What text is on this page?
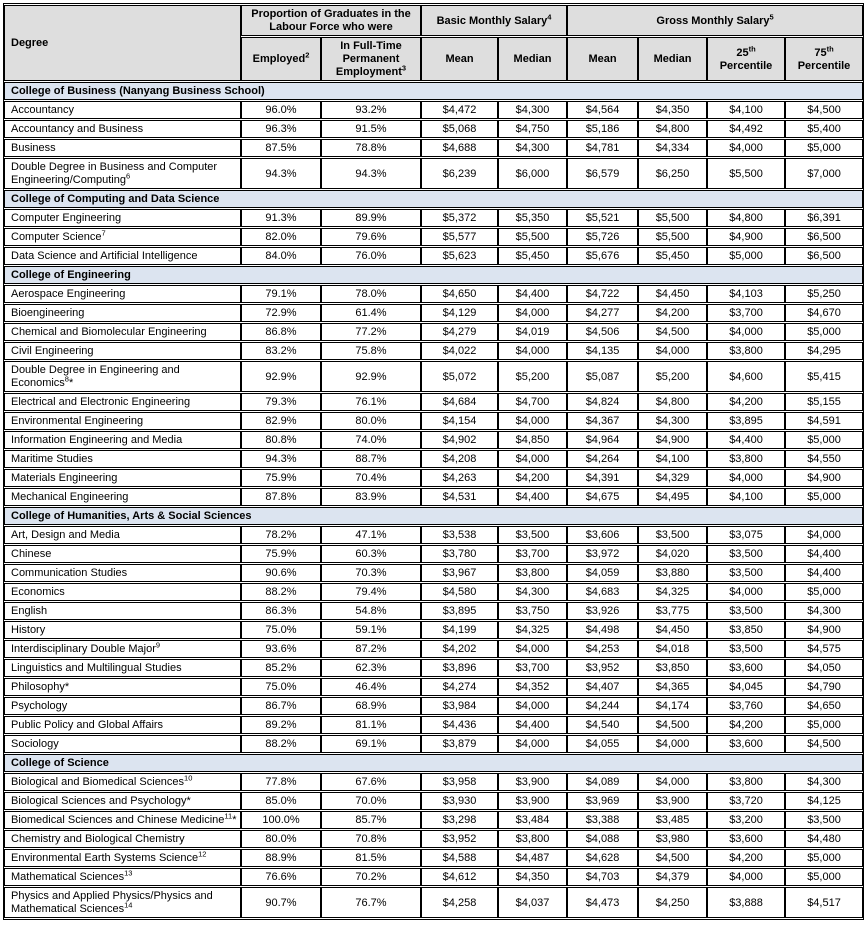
Degree	Proportion of Graduates in the Labour Force who were		Basic Monthly Salary$^4$		Gross Monthly Salary$^5$
	Employed$^2$	In Full-Time Permanent Employment$^3$	Mean	Median	Mean	Median	25th Percentile	75th Percentile
College of Business (Nanyang Business School)								
Accountancy	96.0%	93.2%	$4,472	$4,300	$4,564	$4,350	$4,100	$4,500
Accountancy and Business	96.3%	91.5%	$5,068	$4,750	$5,186	$4,800	$4,492	$5,400
Business	87.5%	78.8%	$4,688	$4,300	$4,781	$4,334	$4,000	$5,000
Double Degree in Business and Computer Engineering/Computing$^6$	94.3%	94.3%	$6,239	$6,000	$6,579	$6,250	$5,500	$7,000
College of Computing and Data Science								
Computer Engineering	91.3%	89.9%	$5,372	$5,350	$5,521	$5,500	$4,800	$6,391
Computer Science$^7$	82.0%	79.6%	$5,577	$5,500	$5,726	$5,500	$4,900	$6,500
Data Science and Artificial Intelligence	84.0%	76.0%	$5,623	$5,450	$5,676	$5,450	$5,000	$6,500
College of Engineering								
Aerospace Engineering	79.1%	78.0%	$4,650	$4,400	$4,722	$4,450	$4,103	$5,250
Bioengineering	72.9%	61.4%	$4,129	$4,000	$4,277	$4,200	$3,700	$4,670
Chemical and Biomolecular Engineering	86.8%	77.2%	$4,279	$4,019	$4,506	$4,500	$4,000	$5,000
Civil Engineering	83.2%	75.8%	$4,022	$4,000	$4,135	$4,000	$3,800	$4,295
Double Degree in Engineering and Economics$^8$*	92.9%	92.9%	$5,072	$5,200	$5,087	$5,200	$4,600	$5,415
Electrical and Electronic Engineering	79.3%	76.1%	$4,684	$4,700	$4,824	$4,800	$4,200	$5,155
Environmental Engineering	82.9%	80.0%	$4,154	$4,000	$4,367	$4,300	$3,895	$4,591
Information Engineering and Media	80.8%	74.0%	$4,902	$4,850	$4,964	$4,900	$4,400	$5,000
Maritime Studies	94.3%	88.7%	$4,208	$4,000	$4,264	$4,100	$3,800	$4,550
Materials Engineering	75.9%	70.4%	$4,263	$4,200	$4,391	$4,329	$4,000	$4,900
Mechanical Engineering	87.8%	83.9%	$4,531	$4,400	$4,675	$4,495	$4,100	$5,000
College of Humanities, Arts & Social Sciences								
Art, Design and Media	78.2%	47.1%	$3,538	$3,500	$3,606	$3,500	$3,075	$4,000
Chinese	75.9%	60.3%	$3,780	$3,700	$3,972	$4,020	$3,500	$4,400
Communication Studies	90.6%	70.3%	$3,967	$3,800	$4,059	$3,880	$3,500	$4,400
Economics	88.2%	79.4%	$4,580	$4,300	$4,683	$4,325	$4,000	$5,000
English	86.3%	54.8%	$3,895	$3,750	$3,926	$3,775	$3,500	$4,300
History	75.0%	59.1%	$4,199	$4,325	$4,498	$4,450	$3,850	$4,900
Interdisciplinary Double Major$^9$	93.6%	87.2%	$4,202	$4,000	$4,253	$4,018	$3,500	$4,575
Linguistics and Multilingual Studies	85.2%	62.3%	$3,896	$3,700	$3,952	$3,850	$3,600	$4,050
Philosophy*	75.0%	46.4%	$4,274	$4,352	$4,407	$4,365	$4,045	$4,790
Psychology	86.7%	68.9%	$3,984	$4,000	$4,244	$4,174	$3,760	$4,650
Public Policy and Global Affairs	89.2%	81.1%	$4,436	$4,400	$4,540	$4,500	$4,200	$5,000
Sociology	88.2%	69.1%	$3,879	$4,000	$4,055	$4,000	$3,600	$4,500
College of Science								
Biological and Biomedical Sciences$^{10}$	77.8%	67.6%	$3,958	$3,900	$4,089	$4,000	$3,800	$4,300
Biological Sciences and Psychology*	85.0%	70.0%	$3,930	$3,900	$3,969	$3,900	$3,720	$4,125
Biomedical Sciences and Chinese Medicine$^{11}$*	100.0%	85.7%	$3,298	$3,484	$3,388	$3,485	$3,200	$3,500
Chemistry and Biological Chemistry	80.0%	70.8%	$3,952	$3,800	$4,088	$3,980	$3,600	$4,480
Environmental Earth Systems Science$^{12}$	88.9%	81.5%	$4,588	$4,487	$4,628	$4,500	$4,200	$5,000
Mathematical Sciences$^{13}$	76.6%	70.2%	$4,612	$4,350	$4,703	$4,379	$4,000	$5,000
Physics and Applied Physics/Physics and Mathematical Sciences$^{14}$	90.7%	76.7%	$4,258	$4,037	$4,473	$4,250	$3,888	$4,517
